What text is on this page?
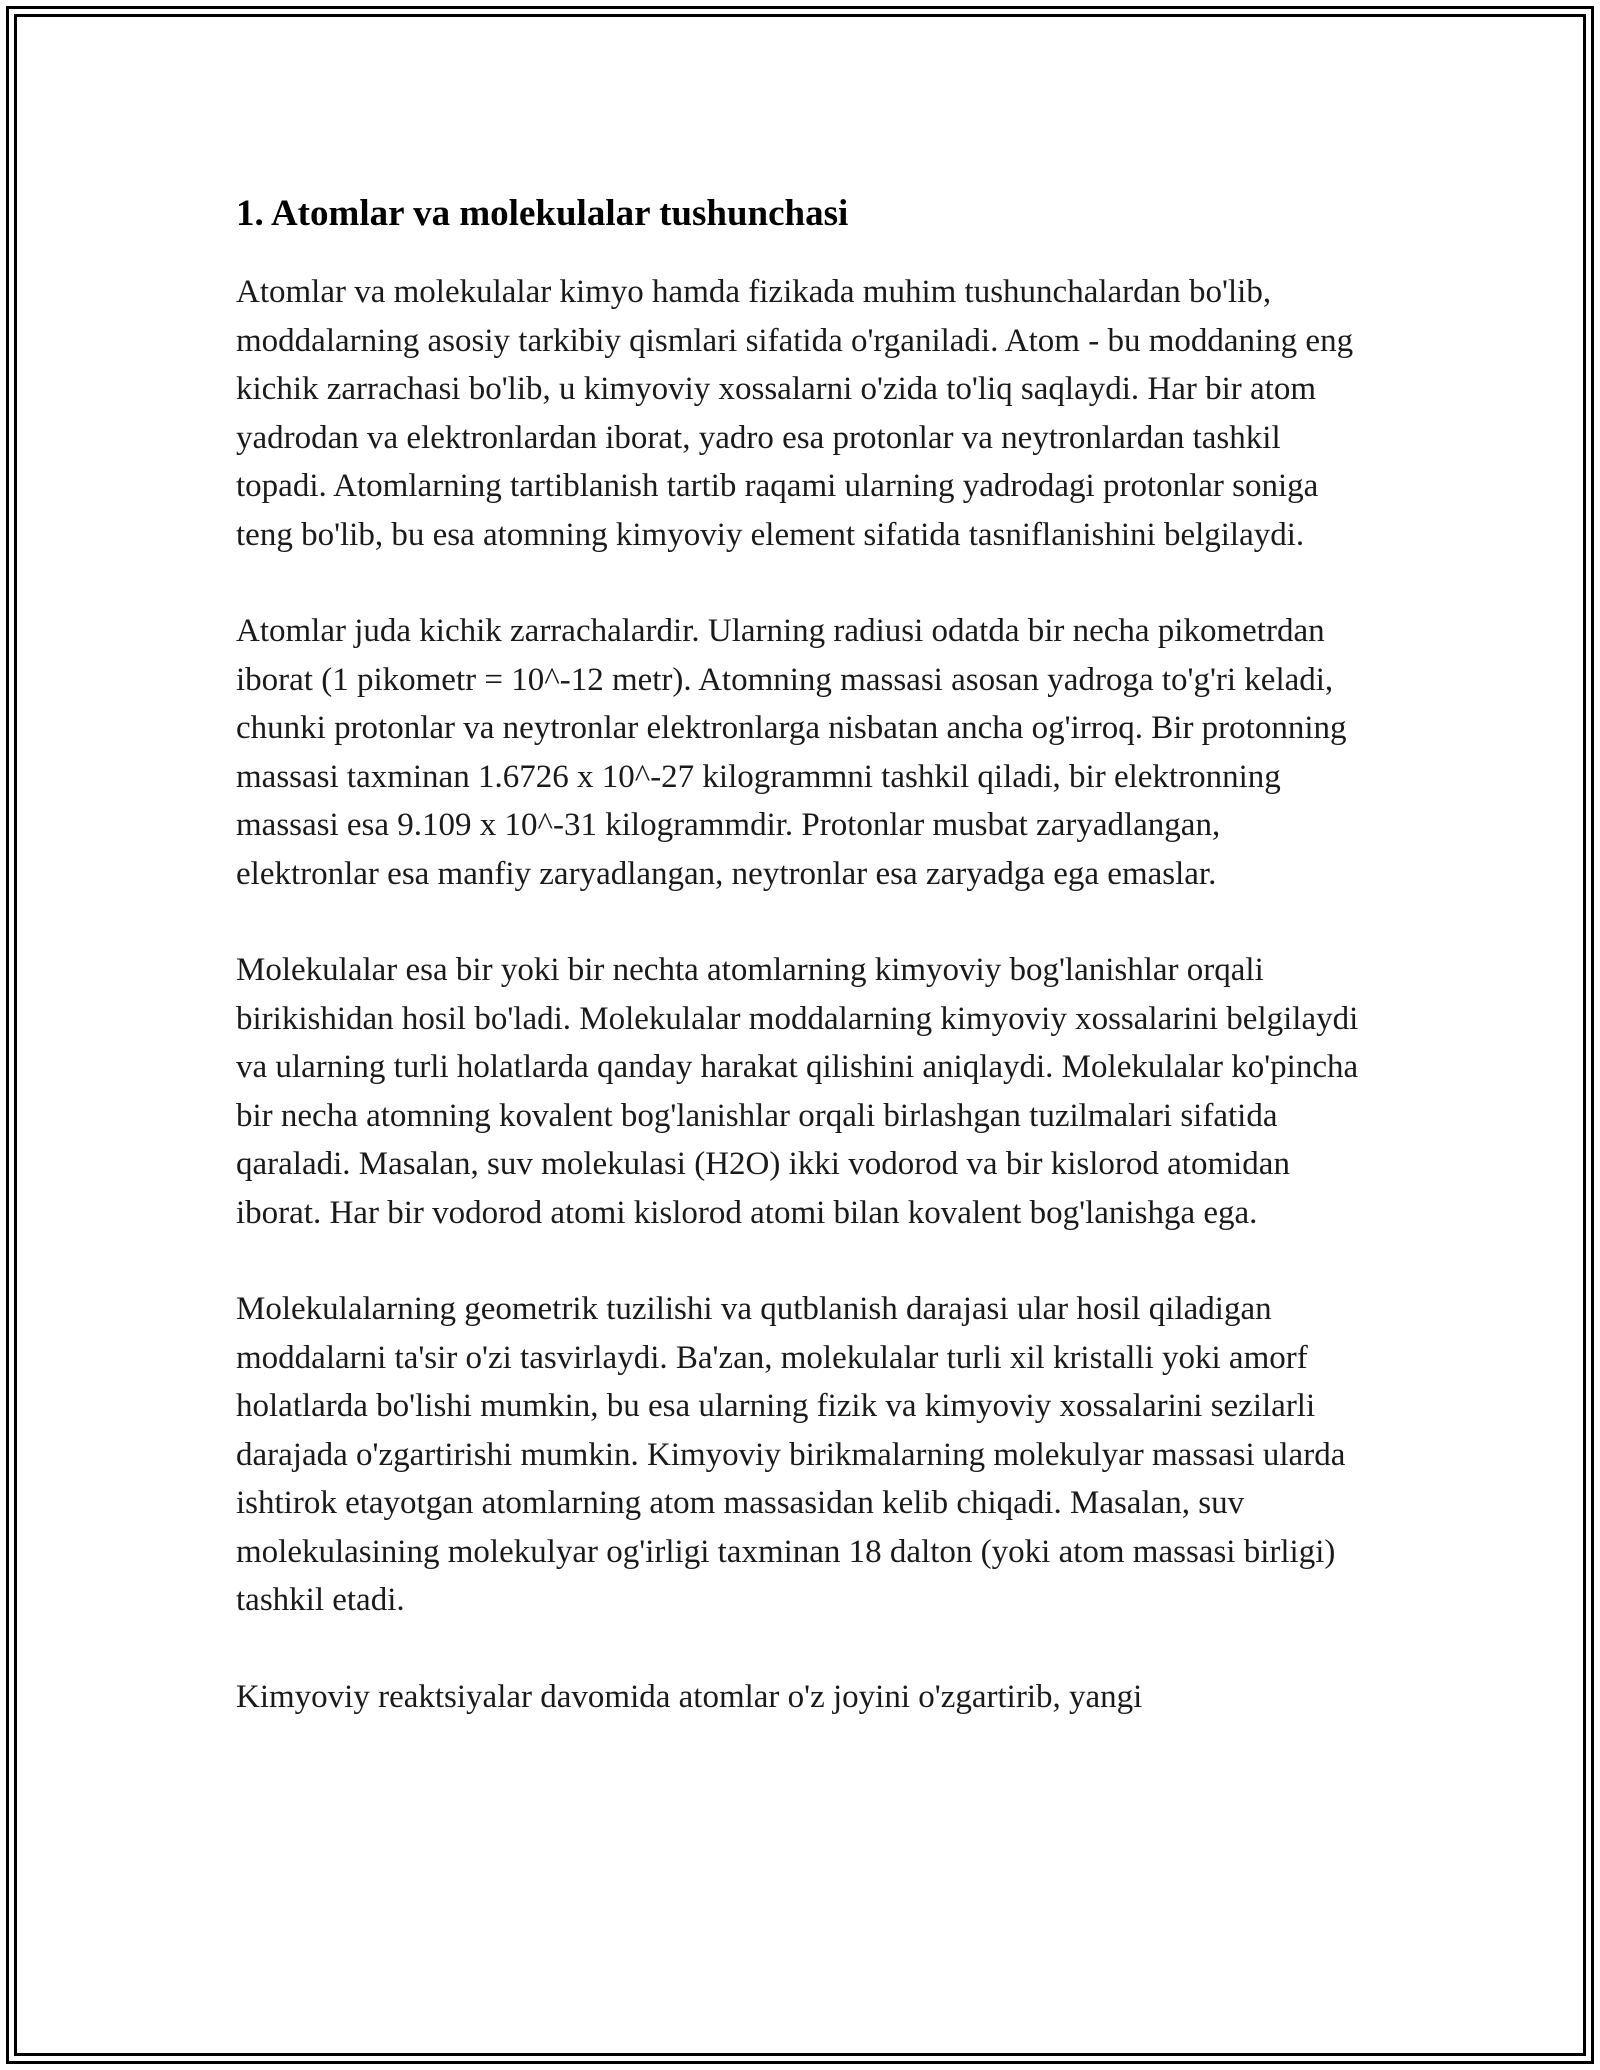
1. Atomlar va molekulalar tushunchasi

Atomlar va molekulalar kimyo hamda fizikada muhim tushunchalardan bo'lib, moddalarning asosiy tarkibiy qismlari sifatida o'rganiladi. Atom - bu moddaning eng kichik zarrachasi bo'lib, u kimyoviy xossalarni o'zida to'liq saqlaydi. Har bir atom yadrodan va elektronlardan iborat, yadro esa protonlar va neytronlardan tashkil topadi. Atomlarning tartiblanish tartib raqami ularning yadrodagi protonlar soniga teng bo'lib, bu esa atomning kimyoviy element sifatida tasniflanishini belgilaydi.

Atomlar juda kichik zarrachalardir. Ularning radiusi odatda bir necha pikometrdan iborat (1 pikometr = 10^-12 metr). Atomning massasi asosan yadroga to'g'ri keladi, chunki protonlar va neytronlar elektronlarga nisbatan ancha og'irroq. Bir protonning massasi taxminan 1.6726 x 10^-27 kilogrammni tashkil qiladi, bir elektronning massasi esa 9.109 x 10^-31 kilogrammdir. Protonlar musbat zaryadlangan, elektronlar esa manfiy zaryadlangan, neytronlar esa zaryadga ega emaslar.

Molekulalar esa bir yoki bir nechta atomlarning kimyoviy bog'lanishlar orqali birikishidan hosil bo'ladi. Molekulalar moddalarning kimyoviy xossalarini belgilaydi va ularning turli holatlarda qanday harakat qilishini aniqlaydi. Molekulalar ko'pincha bir necha atomning kovalent bog'lanishlar orqali birlashgan tuzilmalari sifatida qaraladi. Masalan, suv molekulasi (H2O) ikki vodorod va bir kislorod atomidan iborat. Har bir vodorod atomi kislorod atomi bilan kovalent bog'lanishga ega.

Molekulalarning geometrik tuzilishi va qutblanish darajasi ular hosil qiladigan moddalarni ta'sir o'zi tasvirlaydi. Ba'zan, molekulalar turli xil kristalli yoki amorf holatlarda bo'lishi mumkin, bu esa ularning fizik va kimyoviy xossalarini sezilarli darajada o'zgartirishi mumkin. Kimyoviy birikmalarning molekulyar massasi ularda ishtirok etayotgan atomlarning atom massasidan kelib chiqadi. Masalan, suv molekulasining molekulyar og'irligi taxminan 18 dalton (yoki atom massasi birligi) tashkil etadi.

Kimyoviy reaktsiyalar davomida atomlar o'z joyini o'zgartirib, yangi
